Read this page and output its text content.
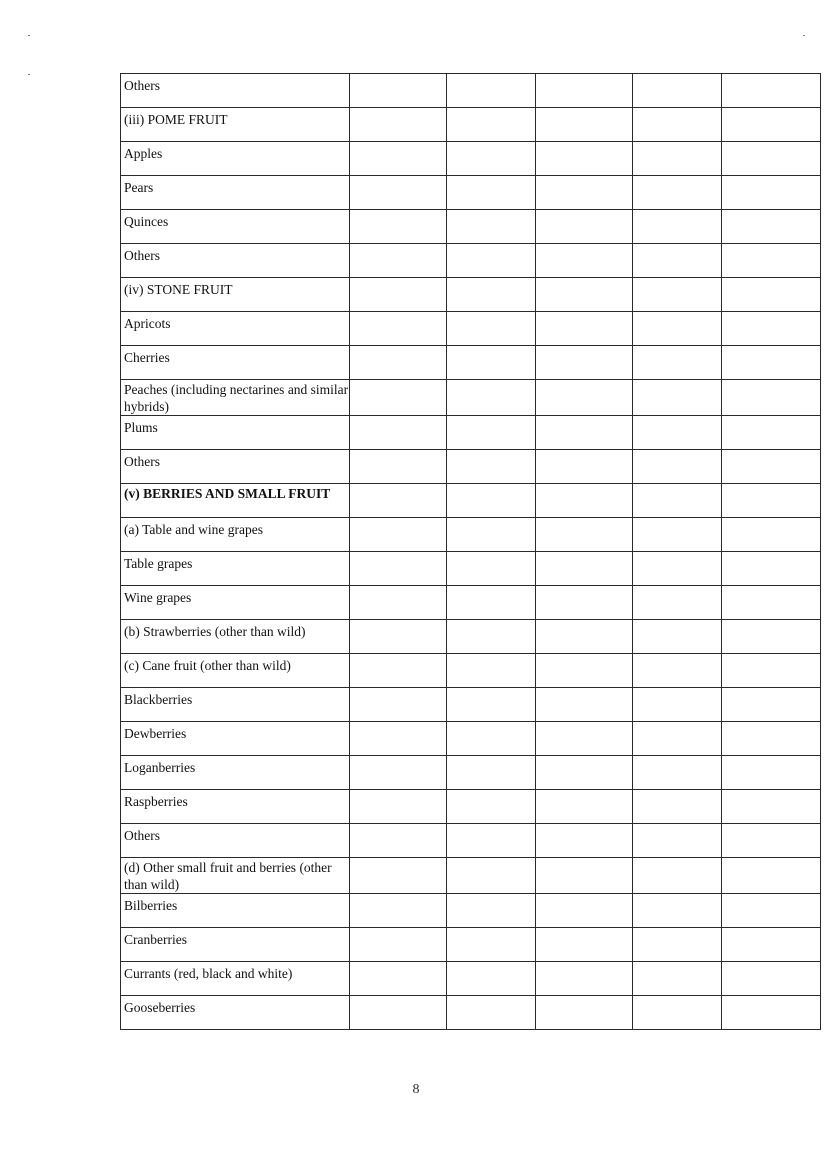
Others					
(iii) POME FRUIT					
Apples					
Pears					
Quinces					
Others					
(iv) STONE FRUIT					
Apricots					
Cherries					
Peaches (including nectarines and similar hybrids)					
Plums					
Others					
(v) BERRIES AND SMALL FRUIT					
(a) Table and wine grapes					
Table grapes					
Wine grapes					
(b) Strawberries (other than wild)					
(c) Cane fruit (other than wild)					
Blackberries					
Dewberries					
Loganberries					
Raspberries					
Others					
(d) Other small fruit and berries (other than wild)					
Bilberries					
Cranberries					
Currants (red, black and white)					
Gooseberries					
8
